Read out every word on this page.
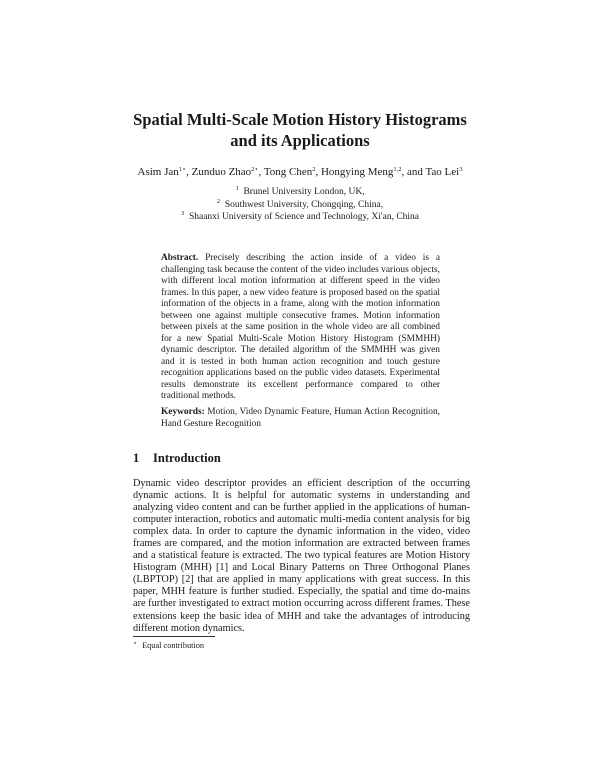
Spatial Multi-Scale Motion History Histograms
and its Applications
Asim Jan$^{1⋆}$, Zunduo Zhao$^{2⋆}$, Tong Chen$^2$, Hongying Meng$^{1,2}$, and Tao Lei$^3$
$^1$ Brunel University London, UK,
$^2$ Southwest University, Chongqing, China,
$^3$ Shaanxi University of Science and Technology, Xi'an, China
Abstract. Precisely describing the action inside of a video is a challenging task because the content of the video includes various objects, with different local motion information at different speed in the video frames. In this paper, a new video feature is proposed based on the spatial information of the objects in a frame, along with the motion information between one against multiple consecutive frames. Motion information between pixels at the same position in the whole video are all combined for a new Spatial Multi-Scale Motion History Histogram (SMMHH) dynamic descriptor. The detailed algorithm of the SMMHH was given and it is tested in both human action recognition and touch gesture recognition applications based on the public video datasets. Experimental results demonstrate its excellent performance compared to other traditional methods.
Keywords: Motion, Video Dynamic Feature, Human Action Recognition, Hand Gesture Recognition
1 Introduction
Dynamic video descriptor provides an efficient description of the occurring dynamic actions. It is helpful for automatic systems in understanding and analyzing video content and can be further applied in the applications of human-computer interaction, robotics and automatic multi-media content analysis for big complex data. In order to capture the dynamic information in the video, video frames are compared, and the motion information are extracted between frames and a statistical feature is extracted. The two typical features are Motion History Histogram (MHH) [1] and Local Binary Patterns on Three Orthogonal Planes (LBPTOP) [2] that are applied in many applications with great success. In this paper, MHH feature is further studied. Especially, the spatial and time do-mains are further investigated to extract motion occurring across different frames. These extensions keep the basic idea of MHH and take the advantages of introducing different motion dynamics.
⋆ Equal contribution
